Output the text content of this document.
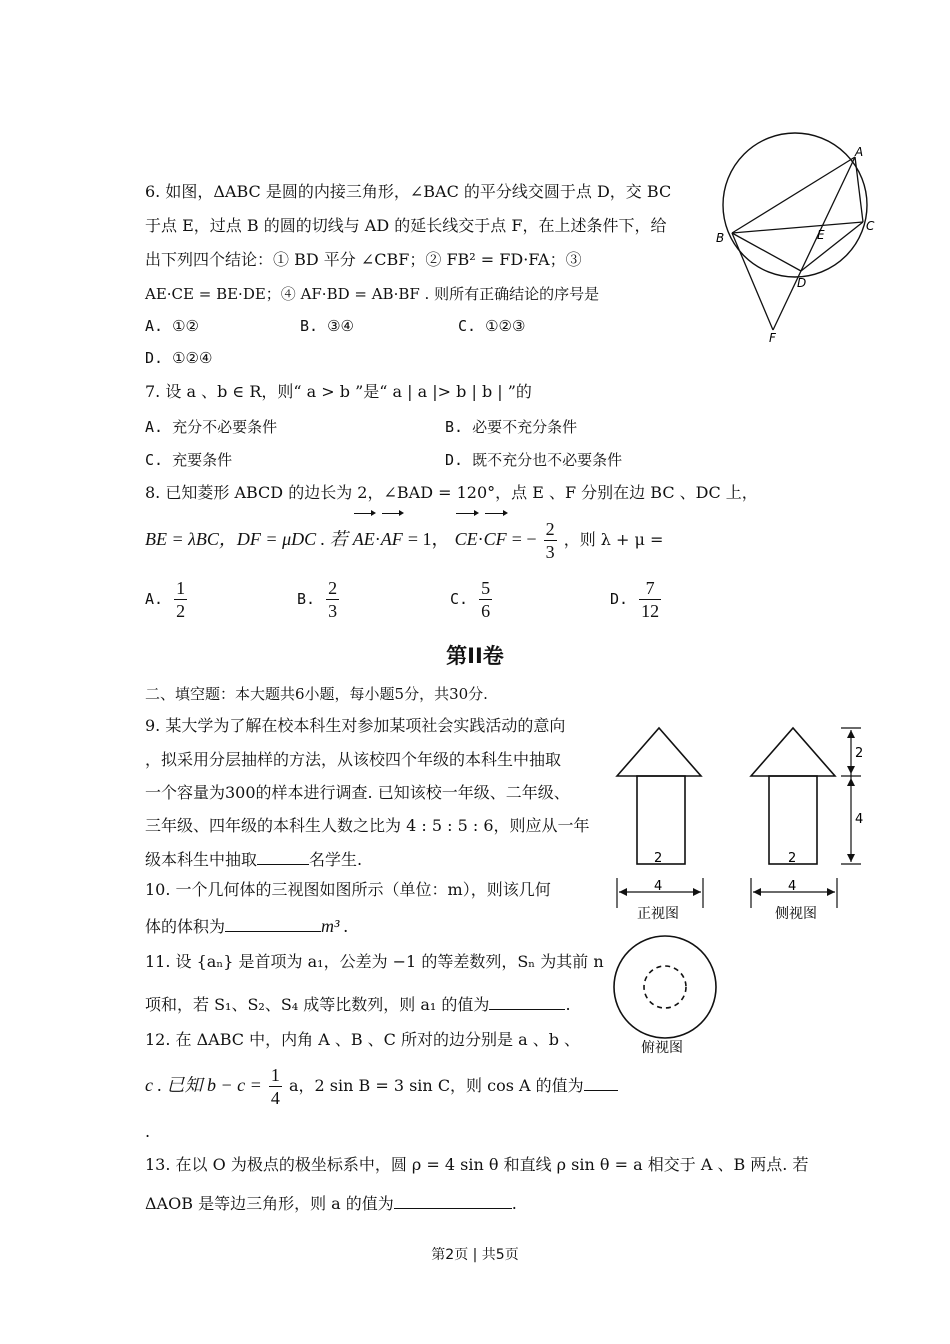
6. 如图，ΔABC 是圆的内接三角形，∠BAC 的平分线交圆于点 D，交 BC
于点 E，过点 B 的圆的切线与 AD 的延长线交于点 F，在上述条件下，给
出下列四个结论：① BD 平分 ∠CBF；② FB² = FD·FA；③
AE·CE = BE·DE；④ AF·BD = AB·BF . 则所有正确结论的序号是
A. ①②	B. ③④	C. ①②③
D. ①②④
A
B
C
D
E
F
7. 设 a 、b ∈ R，则“ a > b ”是“ a | a |> b | b | ”的
A. 充分不必要条件	B. 必要不充分条件
C. 充要条件	D. 既不充分也不必要条件
8. 已知菱形 ABCD 的边长为 2，∠BAD = 120°，点 E 、F 分别在边 BC 、DC 上，
BE = λBC，DF = μDC . 若 AE·AF = 1， CE·CF = − $\frac{2}{3}$ ，则 λ + μ =
A. $\frac{1}{2}$	B. $\frac{2}{3}$	C. $\frac{5}{6}$	D. $\frac{7}{12}$
第II卷
二、填空题：本大题共6小题，每小题5分，共30分.
9. 某大学为了解在校本科生对参加某项社会实践活动的意向
，拟采用分层抽样的方法，从该校四个年级的本科生中抽取
一个容量为300的样本进行调查. 已知该校一年级、二年级、
三年级、四年级的本科生人数之比为 4 : 5 : 5 : 6，则应从一年
级本科生中抽取	名学生.
10. 一个几何体的三视图如图所示（单位：m），则该几何
体的体积为	m³ .
11. 设 {aₙ} 是首项为 a₁，公差为 −1 的等差数列，Sₙ 为其前 n
项和，若 S₁、S₂、S₄ 成等比数列，则 a₁ 的值为	.
12. 在 ΔABC 中，内角 A 、B 、C 所对的边分别是 a 、b 、
c . 已知 $b - c = \frac{1}{4}$ a，2 sin B = 3 sin C，则 cos A 的值为
.
13. 在以 O 为极点的极坐标系中，圆 ρ = 4 sin θ 和直线 ρ sin θ = a 相交于 A 、B 两点. 若
ΔAOB 是等边三角形，则 a 的值为	.
2
4
正视图
2
4
侧视图
2
4
俯视图
第2页 | 共5页
